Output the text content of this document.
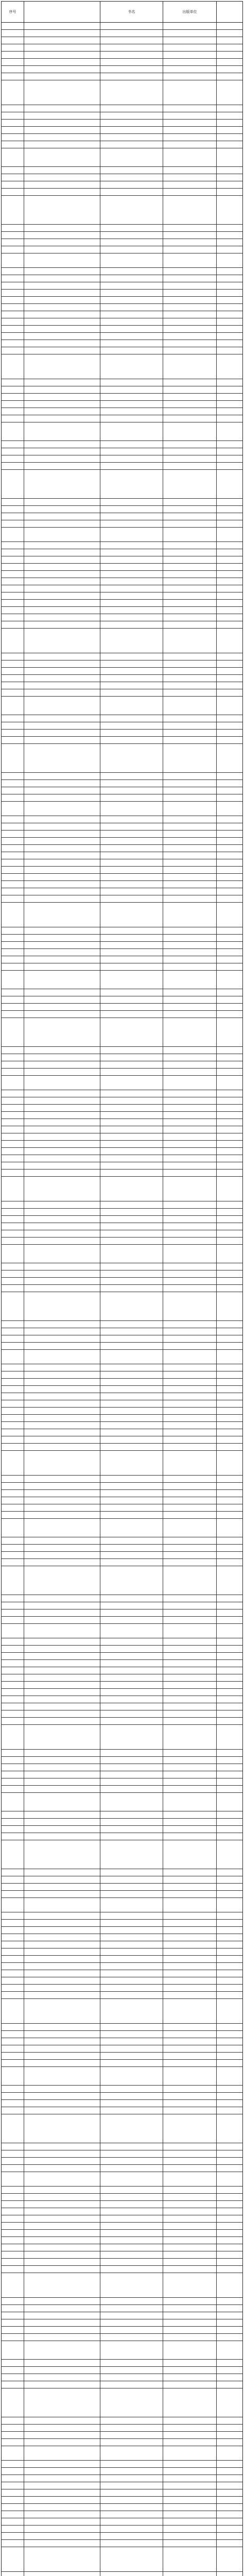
序号	书名	出版单位
